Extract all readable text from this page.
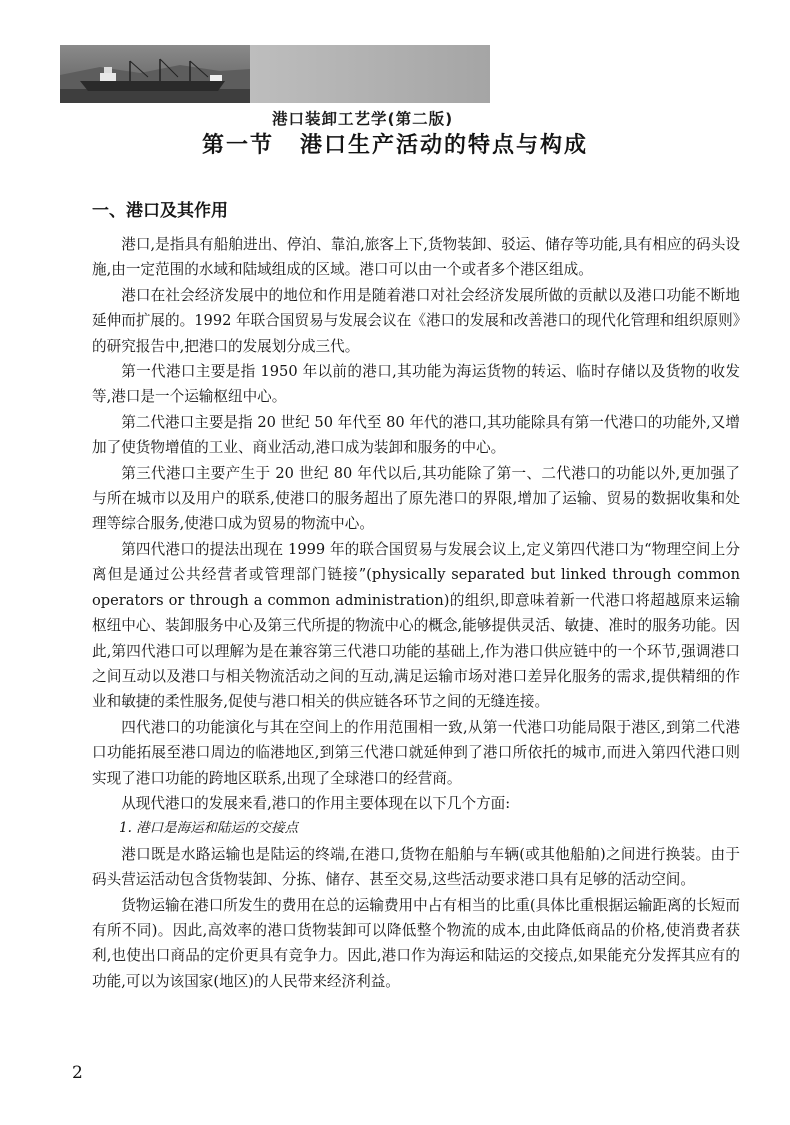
港口装卸工艺学(第二版)
第一节 港口生产活动的特点与构成
一、港口及其作用

港口,是指具有船舶进出、停泊、靠泊,旅客上下,货物装卸、驳运、储存等功能,具有相应的码头设施,由一定范围的水域和陆域组成的区域。港口可以由一个或者多个港区组成。

港口在社会经济发展中的地位和作用是随着港口对社会经济发展所做的贡献以及港口功能不断地延伸而扩展的。1992 年联合国贸易与发展会议在《港口的发展和改善港口的现代化管理和组织原则》的研究报告中,把港口的发展划分成三代。

第一代港口主要是指 1950 年以前的港口,其功能为海运货物的转运、临时存储以及货物的收发等,港口是一个运输枢纽中心。

第二代港口主要是指 20 世纪 50 年代至 80 年代的港口,其功能除具有第一代港口的功能外,又增加了使货物增值的工业、商业活动,港口成为装卸和服务的中心。

第三代港口主要产生于 20 世纪 80 年代以后,其功能除了第一、二代港口的功能以外,更加强了与所在城市以及用户的联系,使港口的服务超出了原先港口的界限,增加了运输、贸易的数据收集和处理等综合服务,使港口成为贸易的物流中心。

第四代港口的提法出现在 1999 年的联合国贸易与发展会议上,定义第四代港口为“物理空间上分离但是通过公共经营者或管理部门链接”(physically separated but linked through common operators or through a common administration)的组织,即意味着新一代港口将超越原来运输枢纽中心、装卸服务中心及第三代所提的物流中心的概念,能够提供灵活、敏捷、准时的服务功能。因此,第四代港口可以理解为是在兼容第三代港口功能的基础上,作为港口供应链中的一个环节,强调港口之间互动以及港口与相关物流活动之间的互动,满足运输市场对港口差异化服务的需求,提供精细的作业和敏捷的柔性服务,促使与港口相关的供应链各环节之间的无缝连接。

四代港口的功能演化与其在空间上的作用范围相一致,从第一代港口功能局限于港区,到第二代港口功能拓展至港口周边的临港地区,到第三代港口就延伸到了港口所依托的城市,而进入第四代港口则实现了港口功能的跨地区联系,出现了全球港口的经营商。

从现代港口的发展来看,港口的作用主要体现在以下几个方面:

1. 港口是海运和陆运的交接点

港口既是水路运输也是陆运的终端,在港口,货物在船舶与车辆(或其他船舶)之间进行换装。由于码头营运活动包含货物装卸、分拣、储存、甚至交易,这些活动要求港口具有足够的活动空间。

货物运输在港口所发生的费用在总的运输费用中占有相当的比重(具体比重根据运输距离的长短而有所不同)。因此,高效率的港口货物装卸可以降低整个物流的成本,由此降低商品的价格,使消费者获利,也使出口商品的定价更具有竞争力。因此,港口作为海运和陆运的交接点,如果能充分发挥其应有的功能,可以为该国家(地区)的人民带来经济利益。

2
